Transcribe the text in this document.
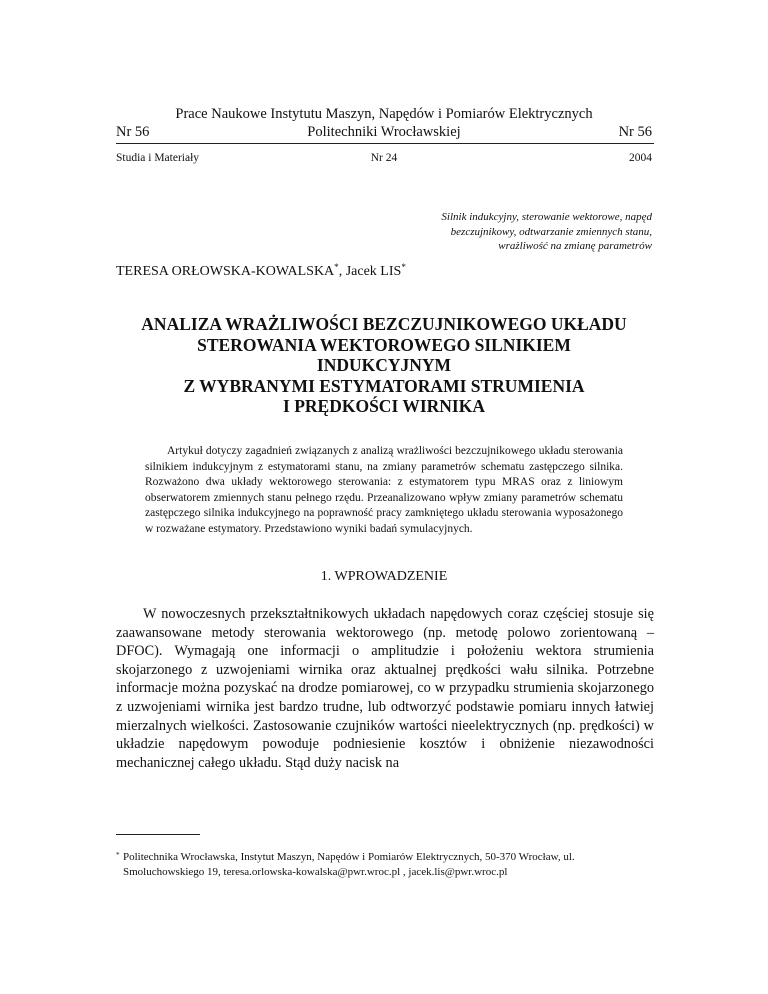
Prace Naukowe Instytutu Maszyn, Napędów i Pomiarów Elektrycznych
Nr 56	Politechniki Wrocławskiej	Nr 56
Studia i Materiały	Nr 24	2004
Silnik indukcyjny, sterowanie wektorowe, napęd
bezczujnikowy, odtwarzanie zmiennych stanu,
wrażliwość na zmianę parametrów
TERESA ORŁOWSKA-KOWALSKA*, Jacek LIS*
ANALIZA WRAŻLIWOŚCI BEZCZUJNIKOWEGO UKŁADU
STEROWANIA WEKTOROWEGO SILNIKIEM
INDUKCYJNYM
Z WYBRANYMI ESTYMATORAMI STRUMIENIA
I PRĘDKOŚCI WIRNIKA
Artykuł dotyczy zagadnień związanych z analizą wrażliwości bezczujnikowego układu sterowania silnikiem indukcyjnym z estymatorami stanu, na zmiany parametrów schematu zastępczego silnika. Rozważono dwa układy wektorowego sterowania: z estymatorem typu MRAS oraz z liniowym obserwatorem zmiennych stanu pełnego rzędu. Przeanalizowano wpływ zmiany parametrów schematu zastępczego silnika indukcyjnego na poprawność pracy zamkniętego układu sterowania wyposażonego w rozważane estymatory. Przedstawiono wyniki badań symulacyjnych.
1. WPROWADZENIE
W nowoczesnych przekształtnikowych układach napędowych coraz częściej stosuje się zaawansowane metody sterowania wektorowego (np. metodę polowo zorientowaną – DFOC). Wymagają one informacji o amplitudzie i położeniu wektora strumienia skojarzonego z uzwojeniami wirnika oraz aktualnej prędkości wału silnika. Potrzebne informacje można pozyskać na drodze pomiarowej, co w przypadku strumienia skojarzonego z uzwojeniami wirnika jest bardzo trudne, lub odtworzyć podstawie pomiaru innych łatwiej mierzalnych wielkości. Zastosowanie czujników wartości nieelektrycznych (np. prędkości) w układzie napędowym powoduje podniesienie kosztów i obniżenie niezawodności mechanicznej całego układu. Stąd duży nacisk na
* Politechnika Wrocławska, Instytut Maszyn, Napędów i Pomiarów Elektrycznych, 50-370 Wrocław, ul. Smoluchowskiego 19, teresa.orlowska-kowalska@pwr.wroc.pl , jacek.lis@pwr.wroc.pl
